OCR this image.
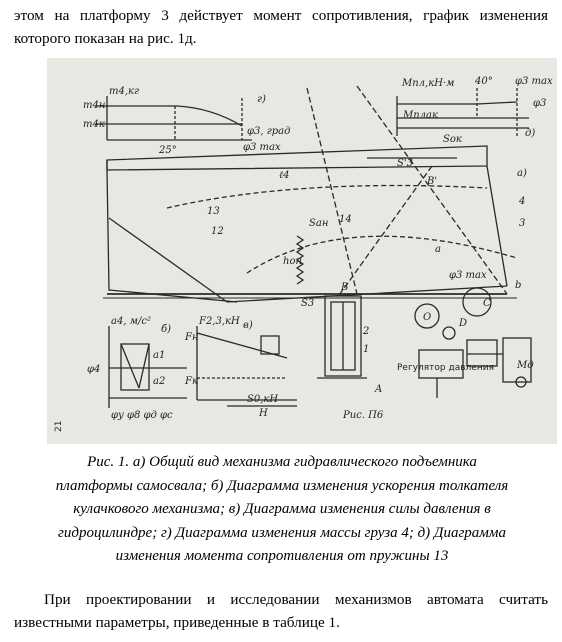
этом на платформу 3 действует момент сопротивления, график изменения
которого показан на рис. 1д.
m4,кг
m4н
m4к
25°
φ3, град
φ3 max
г)
Mпл,кН·м 40° φ3 max
φ3
Mплак
д)
а)
ℓ4
Sок
S'3
B'
13
12
14
Sан
hон
a
b
4
3
2
1
C
O
A
B
D
Mд
φ3 max
S3
Регулятор давления
a4, м/с²
б)
a1
a2
φ4
φу φ8 φд φс
F2,3,кН в)
Fн
Fк
S0,кН
H	Рис. П6
21
Рис. 1. а) Общий вид механизма гидравлического подъемника
платформы самосвала; б) Диаграмма изменения ускорения толкателя
кулачкового механизма; в) Диаграмма изменения силы давления в
гидроцилиндре; г) Диаграмма изменения массы груза 4; д) Диаграмма
изменения момента сопротивления от пружины 13
При проектировании и исследовании механизмов автомата считать
известными параметры, приведенные в таблице 1.
